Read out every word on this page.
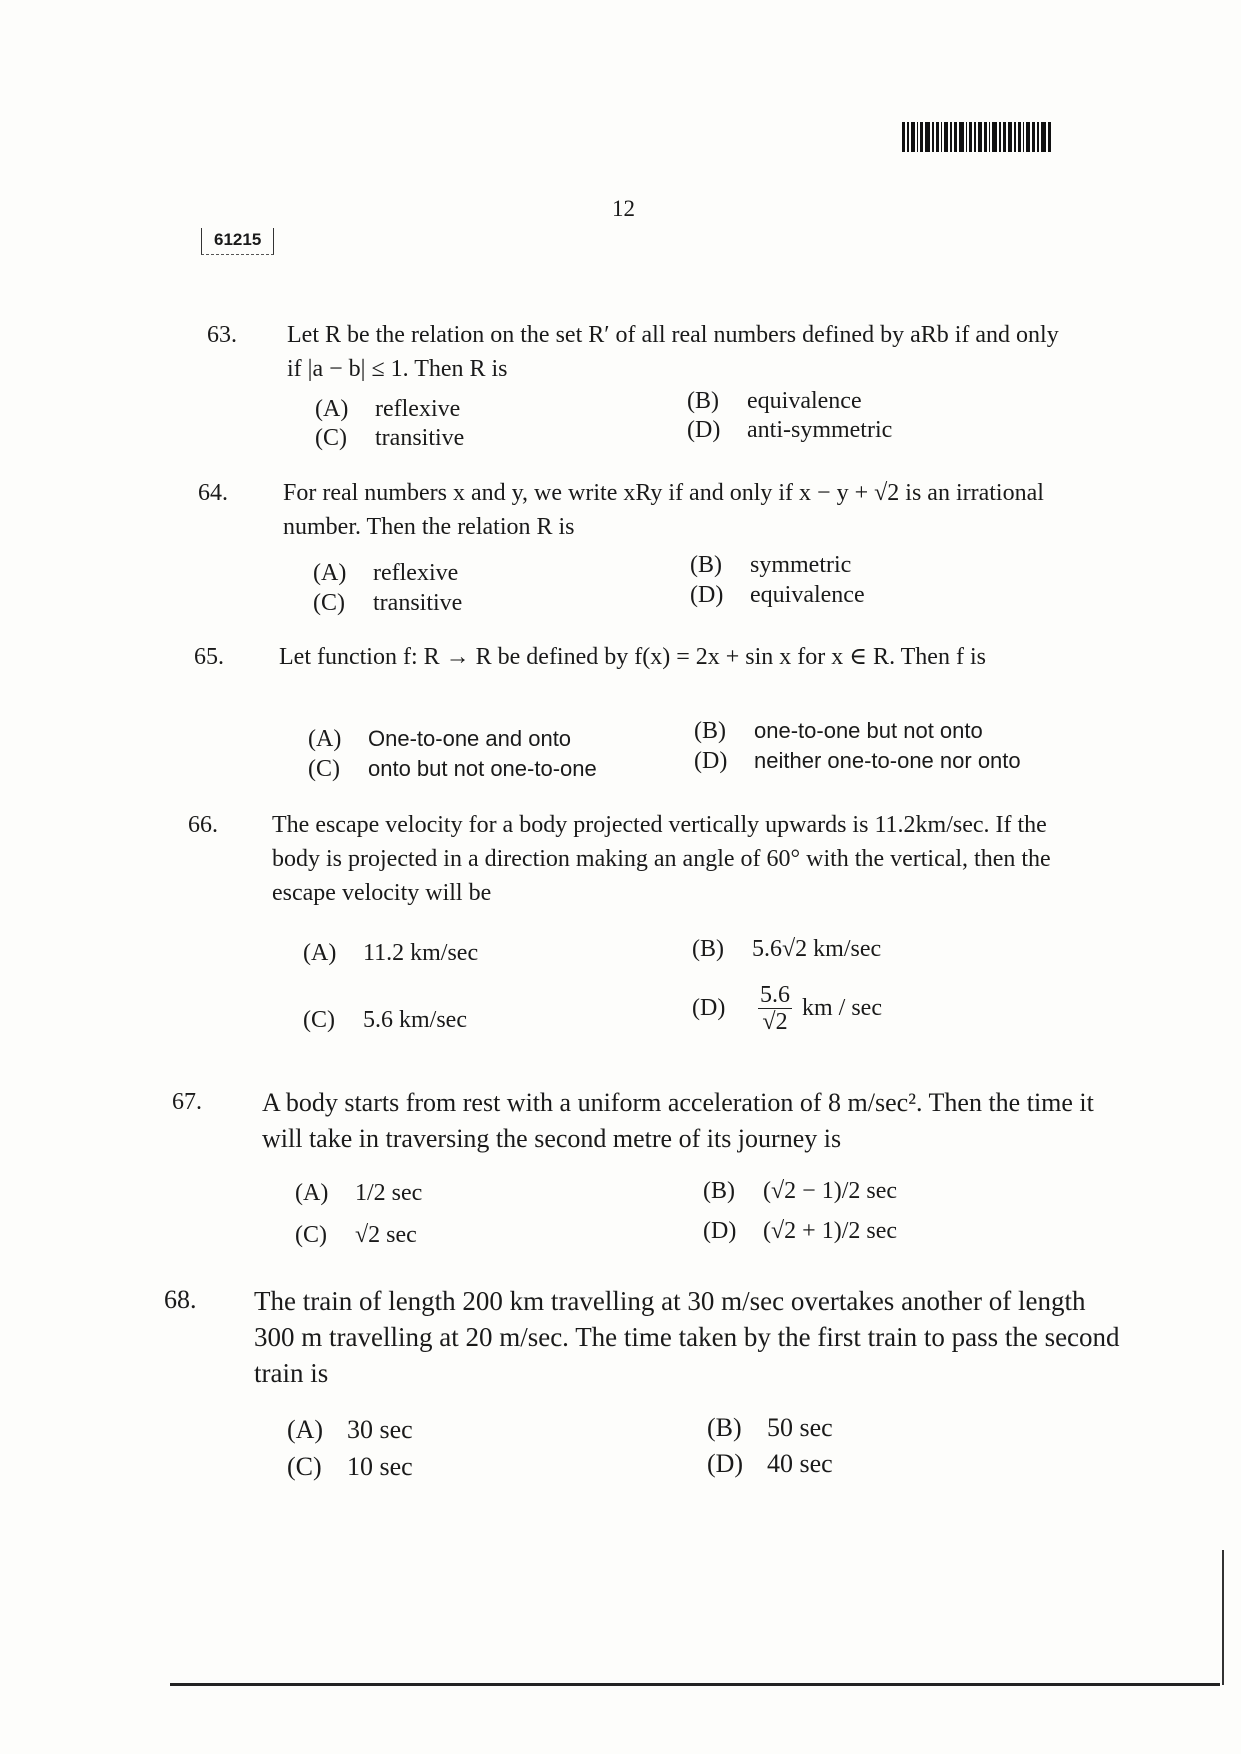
12
61215
63. Let R be the relation on the set R′ of all real numbers defined by aRb if and only if |a − b| ≤ 1. Then R is
(A) reflexive	(B) equivalence
(C) transitive	(D) anti-symmetric
64. For real numbers x and y, we write xRy if and only if x − y + √2 is an irrational number. Then the relation R is
(A) reflexive	(B) symmetric
(C) transitive	(D) equivalence
65. Let function f: R → R be defined by f(x) = 2x + sin x for x ∈ R. Then f is
(A) One-to-one and onto	(B) one-to-one but not onto
(C) onto but not one-to-one	(D) neither one-to-one nor onto
66. The escape velocity for a body projected vertically upwards is 11.2km/sec. If the body is projected in a direction making an angle of 60° with the vertical, then the escape velocity will be
(A) 11.2 km/sec	(B) 5.6√2 km/sec
(C) 5.6 km/sec	$(D) \frac{5.6}{√2}$ km / sec
67. A body starts from rest with a uniform acceleration of 8 m/sec². Then the time it will take in traversing the second metre of its journey is
(A) 1/2 sec	(B) (√2 − 1)/2 sec
(C) √2 sec	(D) (√2 + 1)/2 sec
68. The train of length 200 km travelling at 30 m/sec overtakes another of length 300 m travelling at 20 m/sec. The time taken by the first train to pass the second train is
(A) 30 sec	(B) 50 sec
(C) 10 sec	(D) 40 sec
